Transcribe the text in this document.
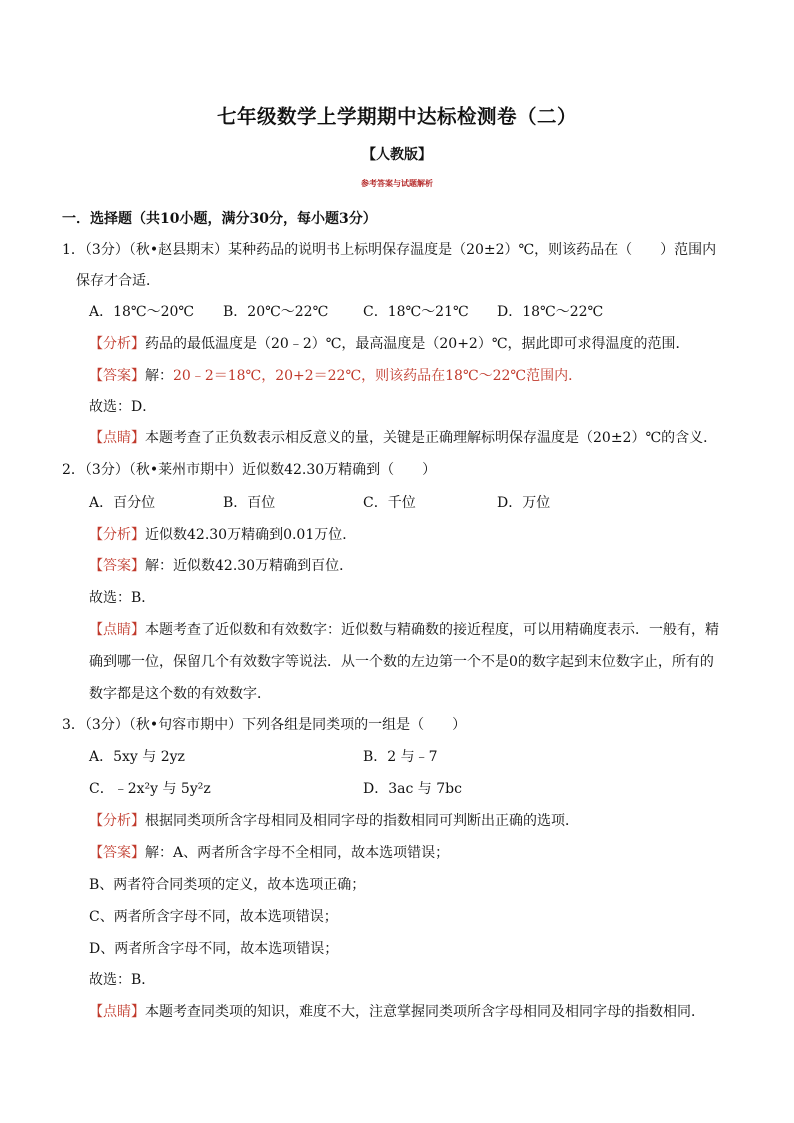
七年级数学上学期期中达标检测卷（二）
【人教版】
参考答案与试题解析
一．选择题（共10小题，满分30分，每小题3分）
1．（3分）（秋•赵县期末）某种药品的说明书上标明保存温度是（20±2）℃，则该药品在（　　）范围内
保存才合适．
A．18℃～20℃ B．20℃～22℃ C．18℃～21℃ D．18℃～22℃
【分析】药品的最低温度是（20﹣2）℃，最高温度是（20+2）℃，据此即可求得温度的范围．
【答案】解：20﹣2＝18℃，20+2＝22℃，则该药品在18℃～22℃范围内．
故选：D．
【点睛】本题考查了正负数表示相反意义的量，关键是正确理解标明保存温度是（20±2）℃的含义．
2．（3分）（秋•莱州市期中）近似数42.30万精确到（　　）
A．百分位	B．百位	C．千位	D．万位
【分析】近似数42.30万精确到0.01万位．
【答案】解：近似数42.30万精确到百位．
故选：B．
【点睛】本题考查了近似数和有效数字：近似数与精确数的接近程度，可以用精确度表示．一般有，精
确到哪一位，保留几个有效数字等说法．从一个数的左边第一个不是0的数字起到末位数字止，所有的
数字都是这个数的有效数字．
3．（3分）（秋•句容市期中）下列各组是同类项的一组是（　　）
A．5xy 与 2yz	B．2 与﹣7
C．﹣2x²y 与 5y²z	D．3ac 与 7bc
【分析】根据同类项所含字母相同及相同字母的指数相同可判断出正确的选项．
【答案】解：A、两者所含字母不全相同，故本选项错误；
B、两者符合同类项的定义，故本选项正确；
C、两者所含字母不同，故本选项错误；
D、两者所含字母不同，故本选项错误；
故选：B．
【点睛】本题考查同类项的知识，难度不大，注意掌握同类项所含字母相同及相同字母的指数相同．
